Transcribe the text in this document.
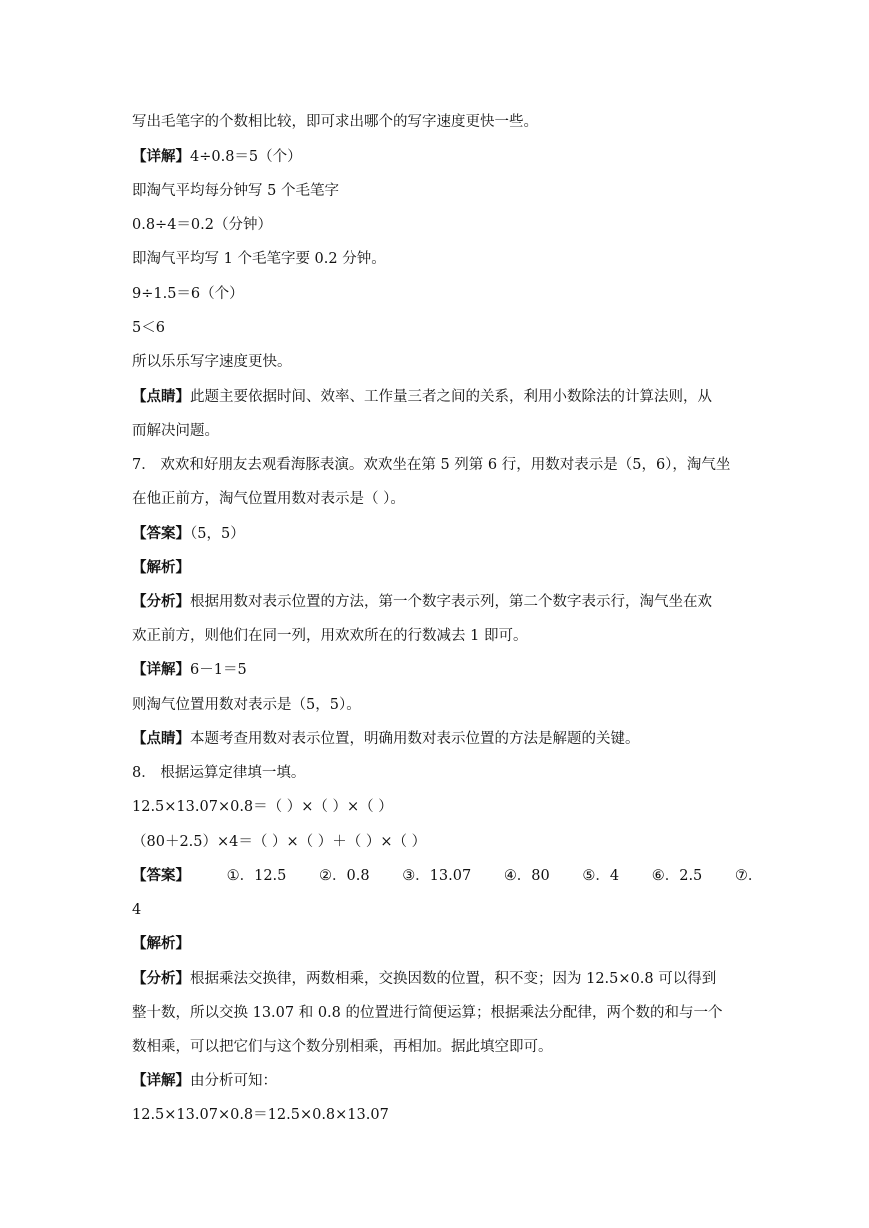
写出毛笔字的个数相比较，即可求出哪个的写字速度更快一些。
【详解】4÷0.8＝5（个）
即淘气平均每分钟写 5 个毛笔字
0.8÷4＝0.2（分钟）
即淘气平均写 1 个毛笔字要 0.2 分钟。
9÷1.5＝6（个）
5＜6
所以乐乐写字速度更快。
【点睛】此题主要依据时间、效率、工作量三者之间的关系，利用小数除法的计算法则，从
而解决问题。
7． 欢欢和好朋友去观看海豚表演。欢欢坐在第 5 列第 6 行，用数对表示是（5，6），淘气坐
在他正前方，淘气位置用数对表示是（ ）。
【答案】（5，5）
【解析】
【分析】根据用数对表示位置的方法，第一个数字表示列，第二个数字表示行，淘气坐在欢
欢正前方，则他们在同一列，用欢欢所在的行数减去 1 即可。
【详解】6－1＝5
则淘气位置用数对表示是（5，5）。
【点睛】本题考查用数对表示位置，明确用数对表示位置的方法是解题的关键。
8． 根据运算定律填一填。
12.5×13.07×0.8＝（ ）×（ ）×（ ）
（80＋2.5）×4＝（ ）×（ ）＋（ ）×（ ）
【答案】	①．12.5 ②．0.8 ③．13.07 ④．80 ⑤．4 ⑥．2.5 ⑦．
4
【解析】
【分析】根据乘法交换律，两数相乘，交换因数的位置，积不变；因为 12.5×0.8 可以得到
整十数，所以交换 13.07 和 0.8 的位置进行简便运算；根据乘法分配律，两个数的和与一个
数相乘，可以把它们与这个数分别相乘，再相加。据此填空即可。
【详解】由分析可知：
12.5×13.07×0.8＝12.5×0.8×13.07
